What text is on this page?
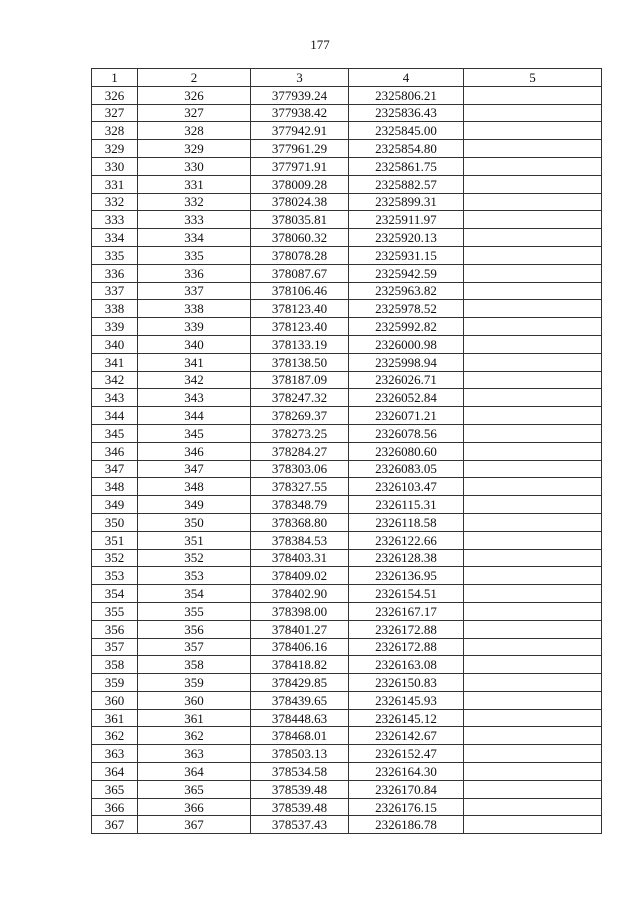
177
1	2	3	4	5
326	326	377939.24	2325806.21	
327	327	377938.42	2325836.43	
328	328	377942.91	2325845.00	
329	329	377961.29	2325854.80	
330	330	377971.91	2325861.75	
331	331	378009.28	2325882.57	
332	332	378024.38	2325899.31	
333	333	378035.81	2325911.97	
334	334	378060.32	2325920.13	
335	335	378078.28	2325931.15	
336	336	378087.67	2325942.59	
337	337	378106.46	2325963.82	
338	338	378123.40	2325978.52	
339	339	378123.40	2325992.82	
340	340	378133.19	2326000.98	
341	341	378138.50	2325998.94	
342	342	378187.09	2326026.71	
343	343	378247.32	2326052.84	
344	344	378269.37	2326071.21	
345	345	378273.25	2326078.56	
346	346	378284.27	2326080.60	
347	347	378303.06	2326083.05	
348	348	378327.55	2326103.47	
349	349	378348.79	2326115.31	
350	350	378368.80	2326118.58	
351	351	378384.53	2326122.66	
352	352	378403.31	2326128.38	
353	353	378409.02	2326136.95	
354	354	378402.90	2326154.51	
355	355	378398.00	2326167.17	
356	356	378401.27	2326172.88	
357	357	378406.16	2326172.88	
358	358	378418.82	2326163.08	
359	359	378429.85	2326150.83	
360	360	378439.65	2326145.93	
361	361	378448.63	2326145.12	
362	362	378468.01	2326142.67	
363	363	378503.13	2326152.47	
364	364	378534.58	2326164.30	
365	365	378539.48	2326170.84	
366	366	378539.48	2326176.15	
367	367	378537.43	2326186.78	
